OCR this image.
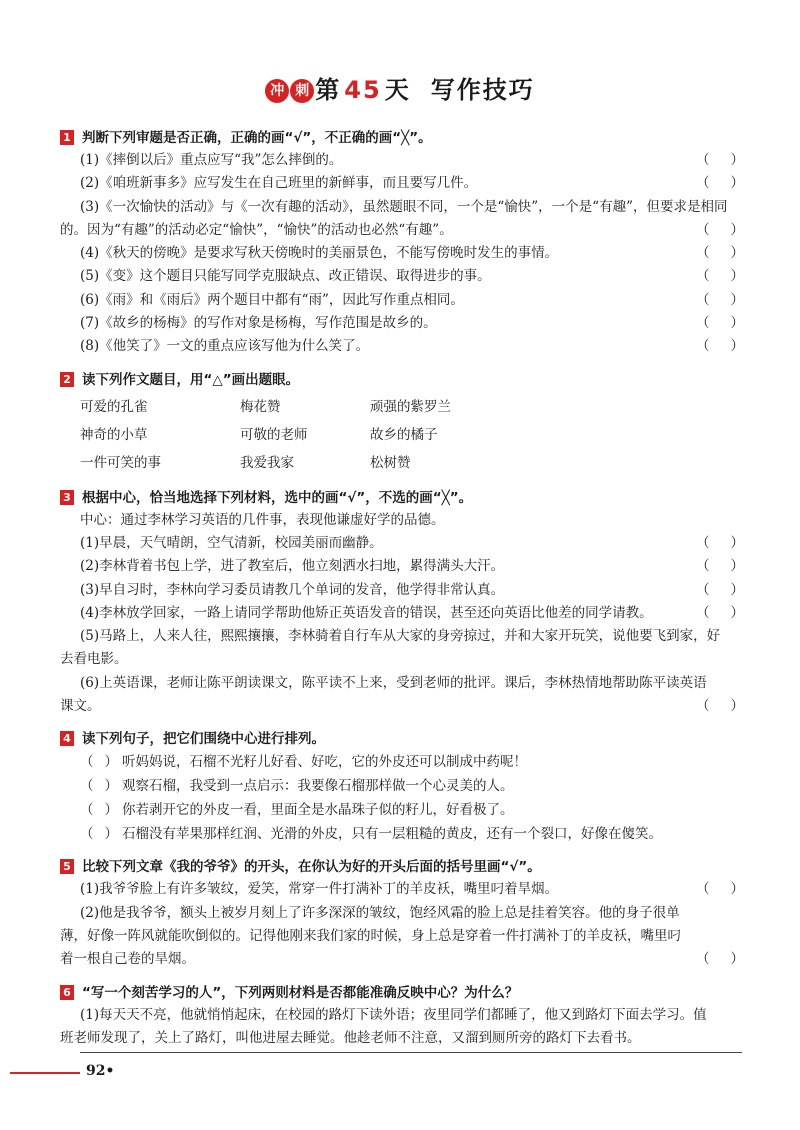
冲 刺 第 45 天 写作技巧
1 判断下列审题是否正确，正确的画“√”，不正确的画“╳”。
(1)《摔倒以后》重点应写“我”怎么摔倒的。	（ ）
(2)《咱班新事多》应写发生在自己班里的新鲜事，而且要写几件。	（ ）
(3)《一次愉快的活动》与《一次有趣的活动》，虽然题眼不同，一个是“愉快”，一个是“有趣”，但要求是相同
的。因为“有趣”的活动必定“愉快”，“愉快”的活动也必然“有趣”。	（ ）
(4)《秋天的傍晚》是要求写秋天傍晚时的美丽景色，不能写傍晚时发生的事情。	（ ）
(5)《变》这个题目只能写同学克服缺点、改正错误、取得进步的事。	（ ）
(6)《雨》和《雨后》两个题目中都有“雨”，因此写作重点相同。	（ ）
(7)《故乡的杨梅》的写作对象是杨梅，写作范围是故乡的。	（ ）
(8)《他笑了》一文的重点应该写他为什么笑了。	（ ）
2 读下列作文题目，用“△”画出题眼。
可爱的孔雀	梅花赞	顽强的紫罗兰
神奇的小草	可敬的老师	故乡的橘子
一件可笑的事	我爱我家	松树赞
3 根据中心，恰当地选择下列材料，选中的画“√”，不选的画“╳”。
中心：通过李林学习英语的几件事，表现他谦虚好学的品德。
(1)早晨，天气晴朗，空气清新，校园美丽而幽静。	（ ）
(2)李林背着书包上学，进了教室后，他立刻洒水扫地，累得满头大汗。	（ ）
(3)早自习时，李林向学习委员请教几个单词的发音，他学得非常认真。	（ ）
(4)李林放学回家，一路上请同学帮助他矫正英语发音的错误，甚至还向英语比他差的同学请教。	（ ）
(5)马路上，人来人往，熙熙攘攘，李林骑着自行车从大家的身旁掠过，并和大家开玩笑，说他要飞到家，好
去看电影。
(6)上英语课，老师让陈平朗读课文，陈平读不上来，受到老师的批评。课后，李林热情地帮助陈平读英语
课文。	（ ）
4 读下列句子，把它们围绕中心进行排列。
（ ） 听妈妈说，石榴不光籽儿好看、好吃，它的外皮还可以制成中药呢！
（ ） 观察石榴，我受到一点启示：我要像石榴那样做一个心灵美的人。
（ ） 你若剥开它的外皮一看，里面全是水晶珠子似的籽儿，好看极了。
（ ） 石榴没有苹果那样红润、光滑的外皮，只有一层粗糙的黄皮，还有一个裂口，好像在傻笑。
5 比较下列文章《我的爷爷》的开头，在你认为好的开头后面的括号里画“√”。
(1)我爷爷脸上有许多皱纹，爱笑，常穿一件打满补丁的羊皮袄，嘴里叼着旱烟。	（ ）
(2)他是我爷爷，额头上被岁月刻上了许多深深的皱纹，饱经风霜的脸上总是挂着笑容。他的身子很单
薄，好像一阵风就能吹倒似的。记得他刚来我们家的时候，身上总是穿着一件打满补丁的羊皮袄，嘴里叼
着一根自己卷的旱烟。	（ ）
6 “写一个刻苦学习的人”，下列两则材料是否都能准确反映中心？为什么？
(1)每天天不亮，他就悄悄起床，在校园的路灯下读外语；夜里同学们都睡了，他又到路灯下面去学习。值
班老师发现了，关上了路灯，叫他进屋去睡觉。他趁老师不注意，又溜到厕所旁的路灯下去看书。
92•
